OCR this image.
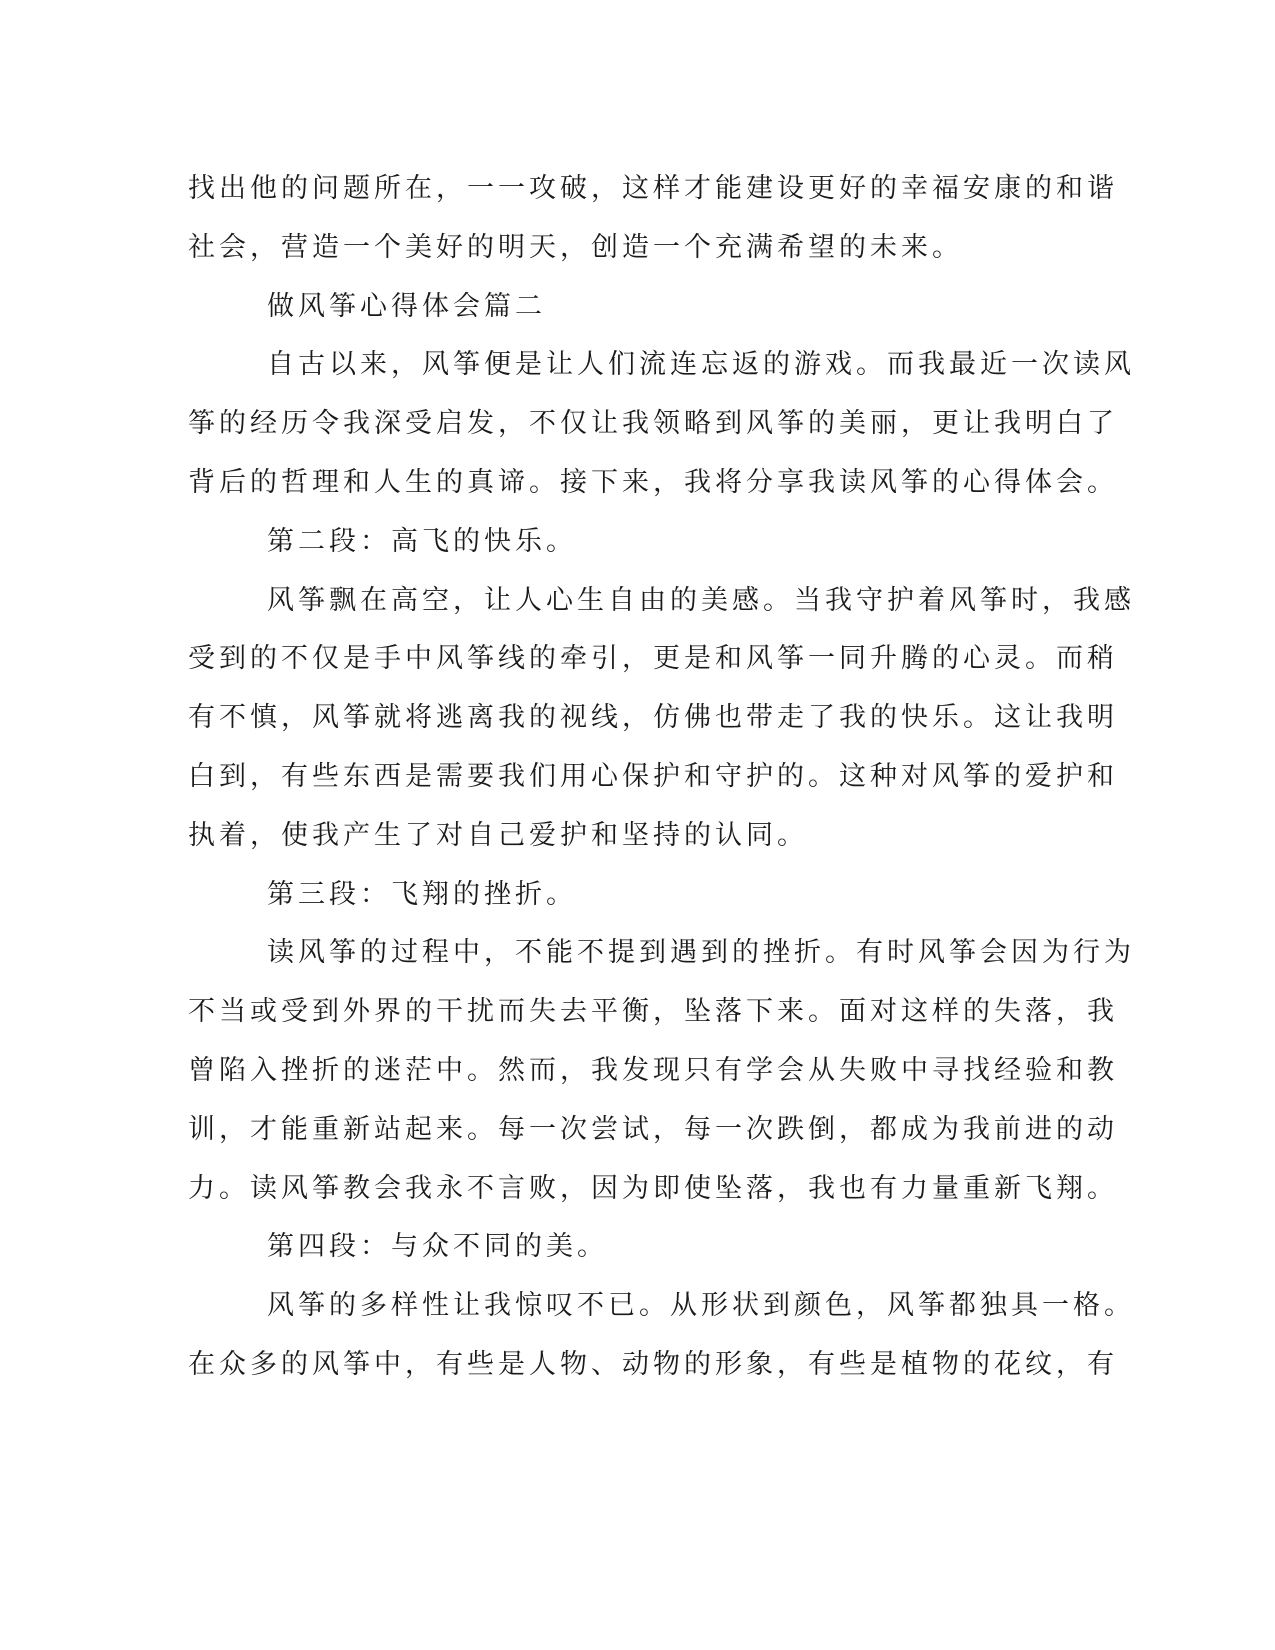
找出他的问题所在，一一攻破，这样才能建设更好的幸福安康的和谐
社会，营造一个美好的明天，创造一个充满希望的未来。
做风筝心得体会篇二
自古以来，风筝便是让人们流连忘返的游戏。而我最近一次读风
筝的经历令我深受启发，不仅让我领略到风筝的美丽，更让我明白了
背后的哲理和人生的真谛。接下来，我将分享我读风筝的心得体会。
第二段：高飞的快乐。
风筝飘在高空，让人心生自由的美感。当我守护着风筝时，我感
受到的不仅是手中风筝线的牵引，更是和风筝一同升腾的心灵。而稍
有不慎，风筝就将逃离我的视线，仿佛也带走了我的快乐。这让我明
白到，有些东西是需要我们用心保护和守护的。这种对风筝的爱护和
执着，使我产生了对自己爱护和坚持的认同。
第三段：飞翔的挫折。
读风筝的过程中，不能不提到遇到的挫折。有时风筝会因为行为
不当或受到外界的干扰而失去平衡，坠落下来。面对这样的失落，我
曾陷入挫折的迷茫中。然而，我发现只有学会从失败中寻找经验和教
训，才能重新站起来。每一次尝试，每一次跌倒，都成为我前进的动
力。读风筝教会我永不言败，因为即使坠落，我也有力量重新飞翔。
第四段：与众不同的美。
风筝的多样性让我惊叹不已。从形状到颜色，风筝都独具一格。
在众多的风筝中，有些是人物、动物的形象，有些是植物的花纹，有
